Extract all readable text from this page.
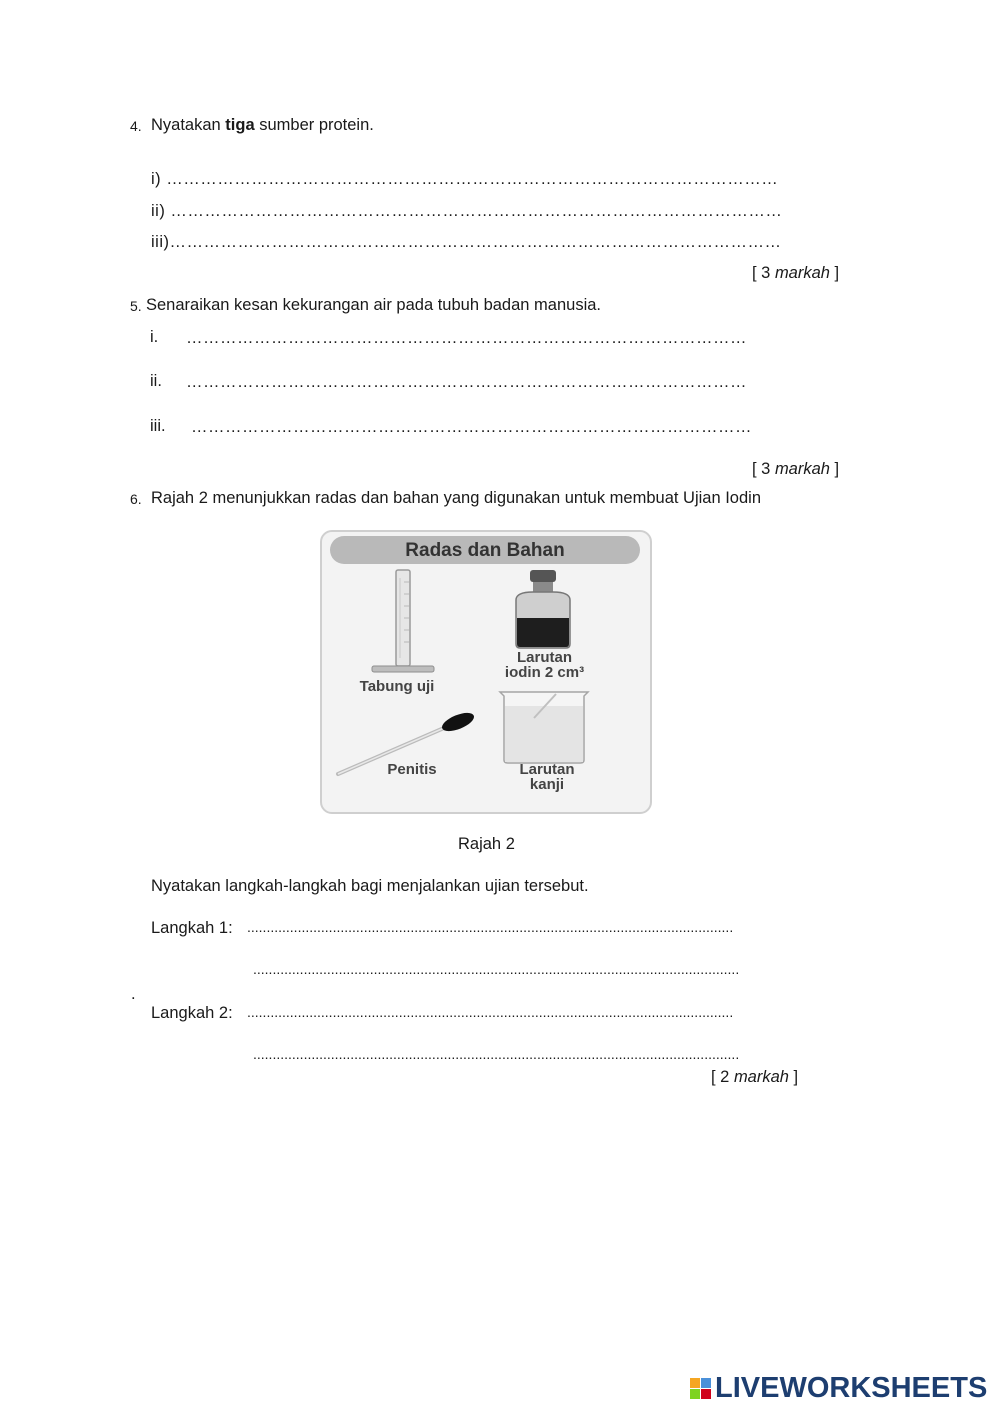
4. Nyatakan tiga sumber protein.
i) ………………………………………………………………………………………………
ii) ………………………………………………………………………………………………
iii)………………………………………………………………………………………………
[ 3 markah ]
5. Senaraikan kesan kekurangan air pada tubuh badan manusia.
i. ………………………………………………………………………………………
ii. ………………………………………………………………………………………
iii. ………………………………………………………………………………………
[ 3 markah ]
6. Rajah 2 menunjukkan radas dan bahan yang digunakan untuk membuat Ujian Iodin
Radas dan Bahan
Tabung uji
Larutan
iodin 2 cm³
Penitis	Larutan
kanji
Rajah 2
Nyatakan langkah-langkah bagi menjalankan ujian tersebut.
Langkah 1: .............................................................................................................................
.............................................................................................................................
.
Langkah 2: .............................................................................................................................
.............................................................................................................................
[ 2 markah ]
LIVEWORKSHEETS
